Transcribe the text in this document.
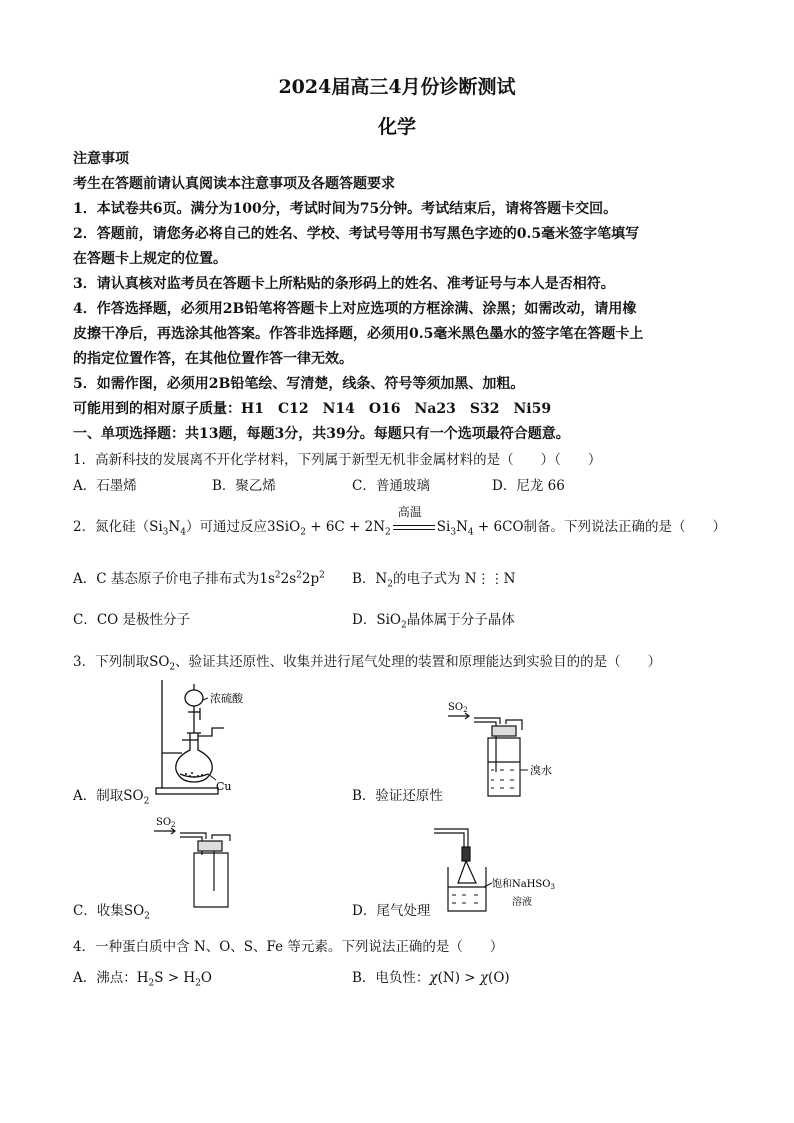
2024届高三4月份诊断测试
化学
注意事项
考生在答题前请认真阅读本注意事项及各题答题要求
1．本试卷共6页。满分为100分，考试时间为75分钟。考试结束后，请将答题卡交回。
2．答题前，请您务必将自己的姓名、学校、考试号等用书写黑色字迹的0.5毫米签字笔填写
在答题卡上规定的位置。
3．请认真核对监考员在答题卡上所粘贴的条形码上的姓名、准考证号与本人是否相符。
4．作答选择题，必须用2B铅笔将答题卡上对应选项的方框涂满、涂黑；如需改动，请用橡
皮擦干净后，再选涂其他答案。作答非选择题，必须用0.5毫米黑色墨水的签字笔在答题卡上
的指定位置作答，在其他位置作答一律无效。
5．如需作图，必须用2B铅笔绘、写清楚，线条、符号等须加黑、加粗。
可能用到的相对原子质量：H1　C12　N14　O16　Na23　S32　Ni59
一、单项选择题：共13题，每题3分，共39分。每题只有一个选项最符合题意。
1．高新科技的发展离不开化学材料，下列属于新型无机非金属材料的是（　　）（　　）
A．石墨烯	B．聚乙烯	C．普通玻璃	D．尼龙 66
2．氮化硅$(Si_3N_4)$可通过反应$3SiO_2 + 6C + 2N_2$
高温
$Si_3N_4 + 6CO$制备。下列说法正确的是（　　）
A．C 基态原子价电子排布式为$1s^22s^22p^2$ B．$N_2$的电子式为 N⋮⋮N
C．CO 是极性分子	D．SiO$_2$晶体属于分子晶体
3．下列制取$SO_2$、验证其还原性、收集并进行尾气处理的装置和原理能达到实验目的的是（　　）
浓硫酸
Cu
A．制取$SO_2$
$SO_2$
溴水
B．验证还原性
$SO_2$
C．收集$SO_2$
饱和NaHSO$_3$
溶液
D．尾气处理
4．一种蛋白质中含 N、O、S、Fe 等元素。下列说法正确的是（　　）
A．沸点：$H_2S > H_2O$	B．电负性：χ(N) > χ(O)
